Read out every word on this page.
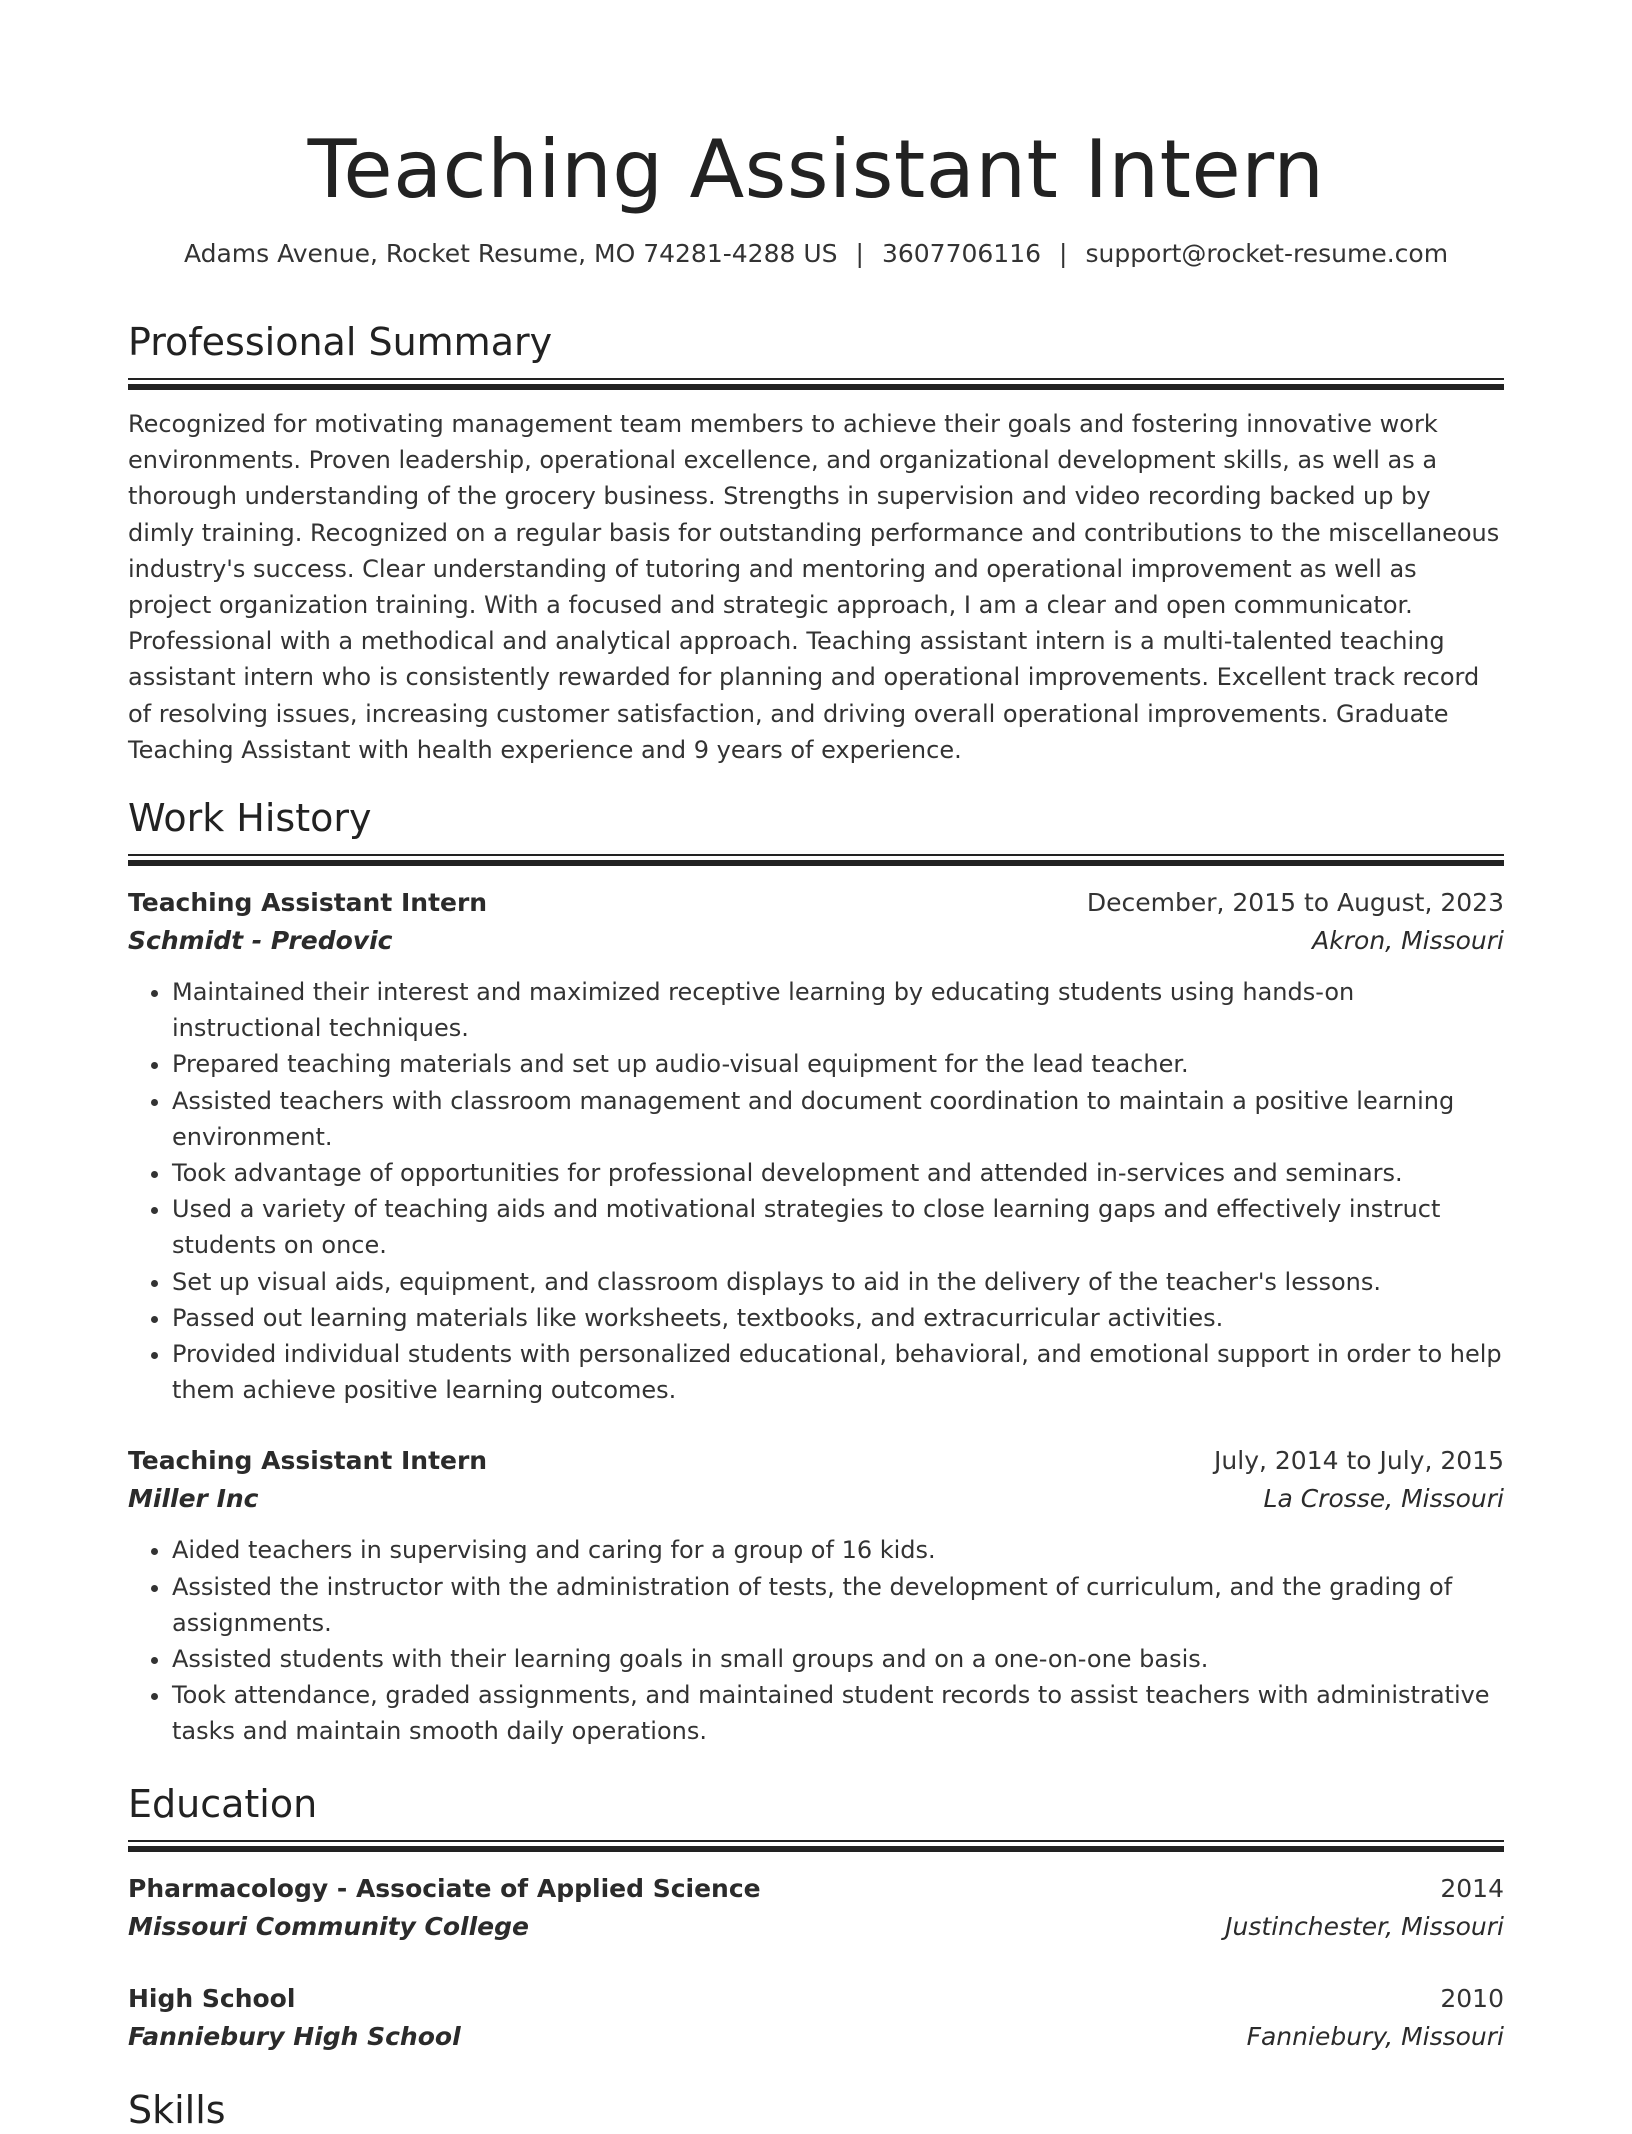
Teaching Assistant Intern
Adams Avenue, Rocket Resume, MO 74281-4288 US | 3607706116 | support@rocket-resume.com
Professional Summary
Recognized for motivating management team members to achieve their goals and fostering innovative work environments. Proven leadership, operational excellence, and organizational development skills, as well as a thorough understanding of the grocery business. Strengths in supervision and video recording backed up by dimly training. Recognized on a regular basis for outstanding performance and contributions to the miscellaneous industry's success. Clear understanding of tutoring and mentoring and operational improvement as well as project organization training. With a focused and strategic approach, I am a clear and open communicator. Professional with a methodical and analytical approach. Teaching assistant intern is a multi-talented teaching assistant intern who is consistently rewarded for planning and operational improvements. Excellent track record of resolving issues, increasing customer satisfaction, and driving overall operational improvements. Graduate Teaching Assistant with health experience and 9 years of experience.
Work History
Teaching Assistant Intern	December, 2015 to August, 2023
Schmidt - Predovic	Akron, Missouri
• Maintained their interest and maximized receptive learning by educating students using hands-on instructional techniques.
• Prepared teaching materials and set up audio-visual equipment for the lead teacher.
• Assisted teachers with classroom management and document coordination to maintain a positive learning environment.
• Took advantage of opportunities for professional development and attended in-services and seminars.
• Used a variety of teaching aids and motivational strategies to close learning gaps and effectively instruct students on once.
• Set up visual aids, equipment, and classroom displays to aid in the delivery of the teacher's lessons.
• Passed out learning materials like worksheets, textbooks, and extracurricular activities.
• Provided individual students with personalized educational, behavioral, and emotional support in order to help them achieve positive learning outcomes.
Teaching Assistant Intern	July, 2014 to July, 2015
Miller Inc	La Crosse, Missouri
• Aided teachers in supervising and caring for a group of 16 kids.
• Assisted the instructor with the administration of tests, the development of curriculum, and the grading of assignments.
• Assisted students with their learning goals in small groups and on a one-on-one basis.
• Took attendance, graded assignments, and maintained student records to assist teachers with administrative tasks and maintain smooth daily operations.
Education
Pharmacology - Associate of Applied Science	2014
Missouri Community College	Justinchester, Missouri
High School	2010
Fanniebury High School	Fanniebury, Missouri
Skills
